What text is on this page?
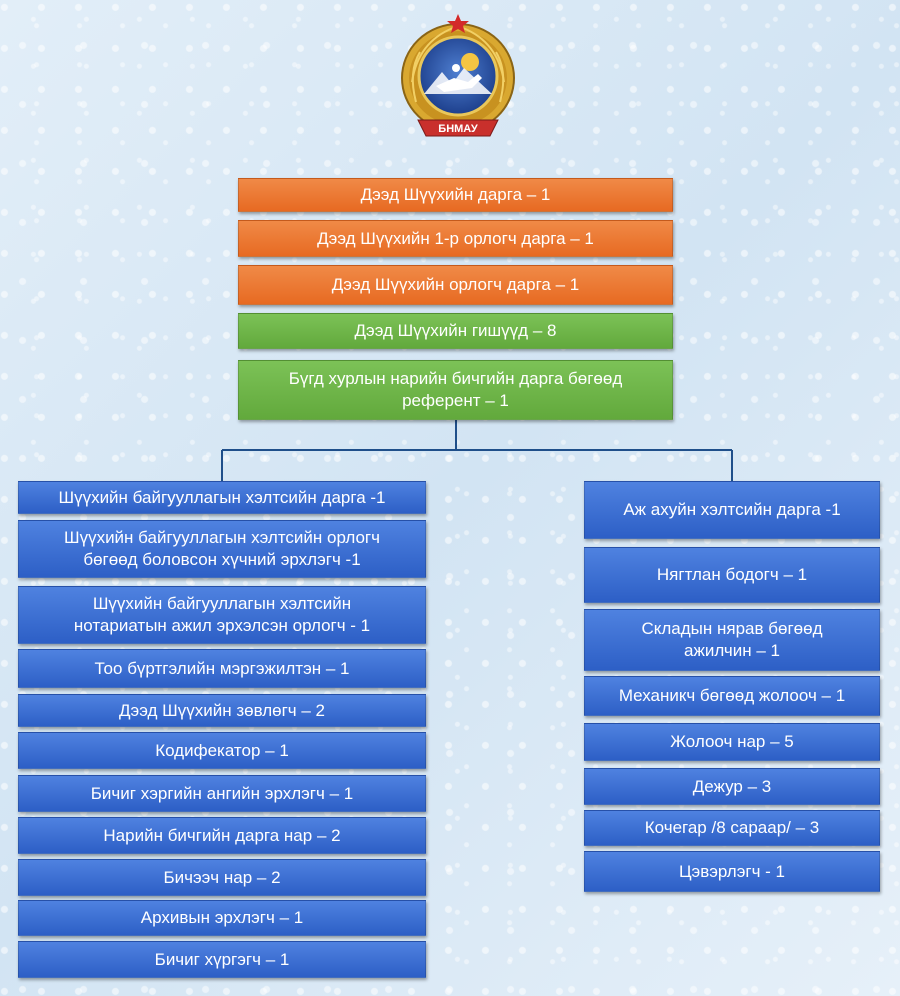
БНМАУ
Дээд Шүүхийн дарга – 1
Дээд Шүүхийн 1-р орлогч дарга – 1
Дээд Шүүхийн орлогч дарга – 1
Дээд Шүүхийн гишүүд – 8
Бүгд хурлын нарийн бичгийн дарга бөгөөд референт – 1
Шүүхийн байгууллагын хэлтсийн дарга -1
Шүүхийн байгууллагын хэлтсийн орлогч бөгөөд боловсон хүчний эрхлэгч -1
Шүүхийн байгууллагын хэлтсийн нотариатын ажил эрхэлсэн орлогч - 1
Тоо бүртгэлийн мэргэжилтэн – 1
Дээд Шүүхийн зөвлөгч – 2
Кодифекатор – 1
Бичиг хэргийн ангийн эрхлэгч – 1
Нарийн бичгийн дарга нар – 2
Бичээч нар – 2
Архивын эрхлэгч – 1
Бичиг хүргэгч – 1
Аж ахуйн хэлтсийн дарга -1
Нягтлан бодогч – 1
Складын нярав бөгөөд ажилчин – 1
Механикч бөгөөд жолооч – 1
Жолооч нар – 5
Дежур – 3
Кочегар /8 сараар/ – 3
Цэвэрлэгч - 1
